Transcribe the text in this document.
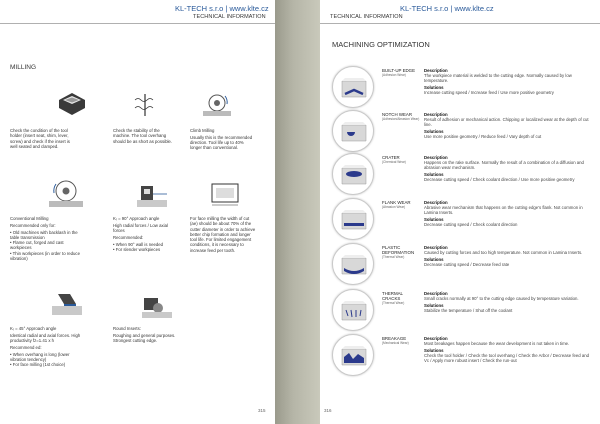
KL-TECH s.r.o | www.klte.cz
TECHNICAL INFORMATION
MILLING

Check the condition of the tool holder (insert seat, shim, lever, screw) and check if the insert is well seated and clamped.

Check the stability of the machine. The tool overhang should be as short as possible.

Climb Milling

Usually this is the recommended direction. Tool life up to 40% longer than conventional.

Conventional Milling

Recommended only for:

• Old machines with backlash in the table transmission
• Flame cut, forged and cast workpieces
• Thin workpieces (in order to reduce vibration)

Kᵣ = 90° Approach angle

High radial forces / Low axial forces

Recommended:

• When 90° wall is needed
• For slender workpieces

For face milling the width of cut (ae) should be about 70% of the cutter diameter in order to achieve better chip formation and longer tool life. For limited engagement conditions, it is necessary to increase feed per tooth.

Kᵣ = 45° Approach angle

Identical radial and axial forces. High productivity fz=1.41 x h

Recommend ed:

• When overhang is long (lower vibration tendency)
• For face milling (1st choice)

Round Inserts:

Roughing and general purposes. Strongest cutting edge.

315
KL-TECH s.r.o | www.klte.cz
TECHNICAL INFORMATION
MACHINING OPTIMIZATION
BUILT-UP EDGE
(Adhesion Wear)
Description
The workpiece material is welded to the cutting edge. Normally caused by low temperature.
Solutions
Increase cutting speed / Increase feed / Use more positive geometry
NOTCH WEAR
(Adhesion/Abrasion Wear)
Description
Result of adhesion or mechanical action. Chipping or localized wear at the depth of cut line.
Solutions
Use more positive geometry / Reduce feed / Vary depth of cut
CRATER
(Chemical Wear)
Description
Happens on the rake surface. Normally the result of a combination of a diffusion and abrasion wear mechanism.
Solutions
Decrease cutting speed / Check coolant direction / Use more positive geometry
FLANK WEAR
(Abrasion Wear)
Description
Abrasive wear mechanism that happens on the cutting edge's flank. Not common in Lamina Inserts.
Solutions
Decrease cutting speed / Check coolant direction
PLASTIC DEFORMATION
(Thermal Wear)
Description
Caused by cutting forces and too high temperature. Not common in Lamina Inserts.
Solutions
Decrease cutting speed / Decrease feed rate
THERMAL CRACKS
(Thermal Wear)
Description
Small cracks normally at 90° to the cutting edge caused by temperature variation.
Solutions
Stabilize the temperature / Shut off the coolant
BREAKAGE
(Mechanical Wear)
Description
Most breakages happen because the wear development is not taken in time.
Solutions
Check the tool holder / Check the tool overhang / Check the Arbor / Decrease feed and Vc / Apply more robust insert / Check the run-out
316
